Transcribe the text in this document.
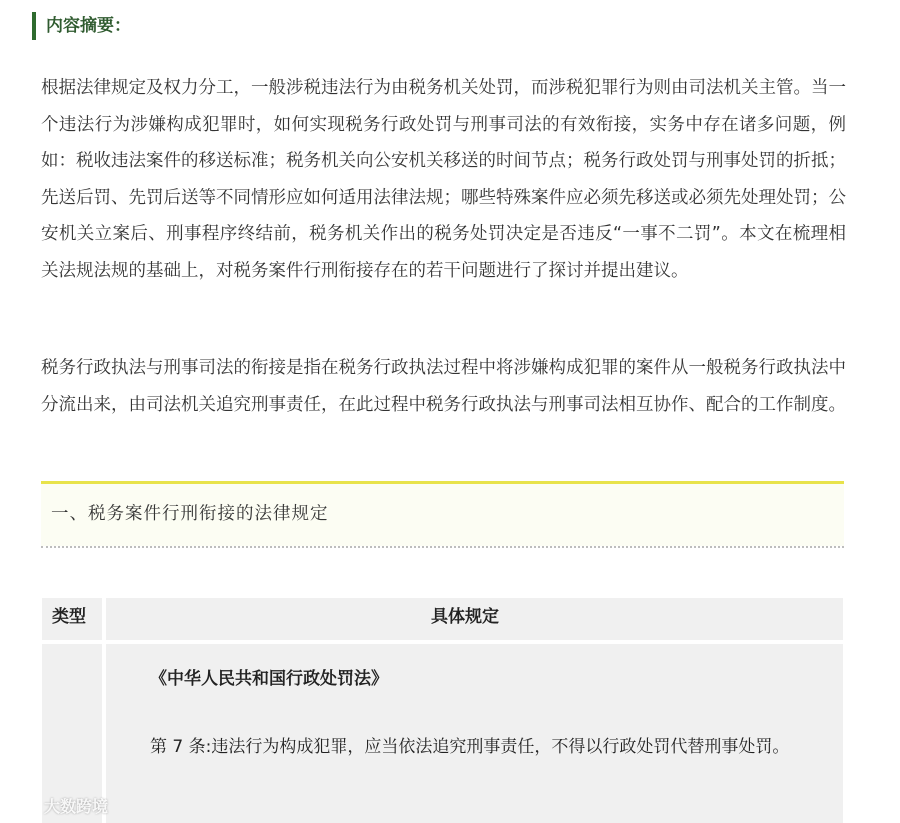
内容摘要：

根据法律规定及权力分工，一般涉税违法行为由税务机关处罚，而涉税犯罪行为则由司法机关主管。当一个违法行为涉嫌构成犯罪时，如何实现税务行政处罚与刑事司法的有效衔接，实务中存在诸多问题，例如：税收违法案件的移送标准；税务机关向公安机关移送的时间节点；税务行政处罚与刑事处罚的折抵；先送后罚、先罚后送等不同情形应如何适用法律法规；哪些特殊案件应必须先移送或必须先处理处罚；公安机关立案后、刑事程序终结前，税务机关作出的税务处罚决定是否违反“一事不二罚”。本文在梳理相关法规法规的基础上，对税务案件行刑衔接存在的若干问题进行了探讨并提出建议。

税务行政执法与刑事司法的衔接是指在税务行政执法过程中将涉嫌构成犯罪的案件从一般税务行政执法中分流出来，由司法机关追究刑事责任，在此过程中税务行政执法与刑事司法相互协作、配合的工作制度。

一、税务案件行刑衔接的法律规定
类型	具体规定
《中华人民共和国行政处罚法》

第 7 条:违法行为构成犯罪，应当依法追究刑事责任，不得以行政处罚代替刑事处罚。

大数跨境
